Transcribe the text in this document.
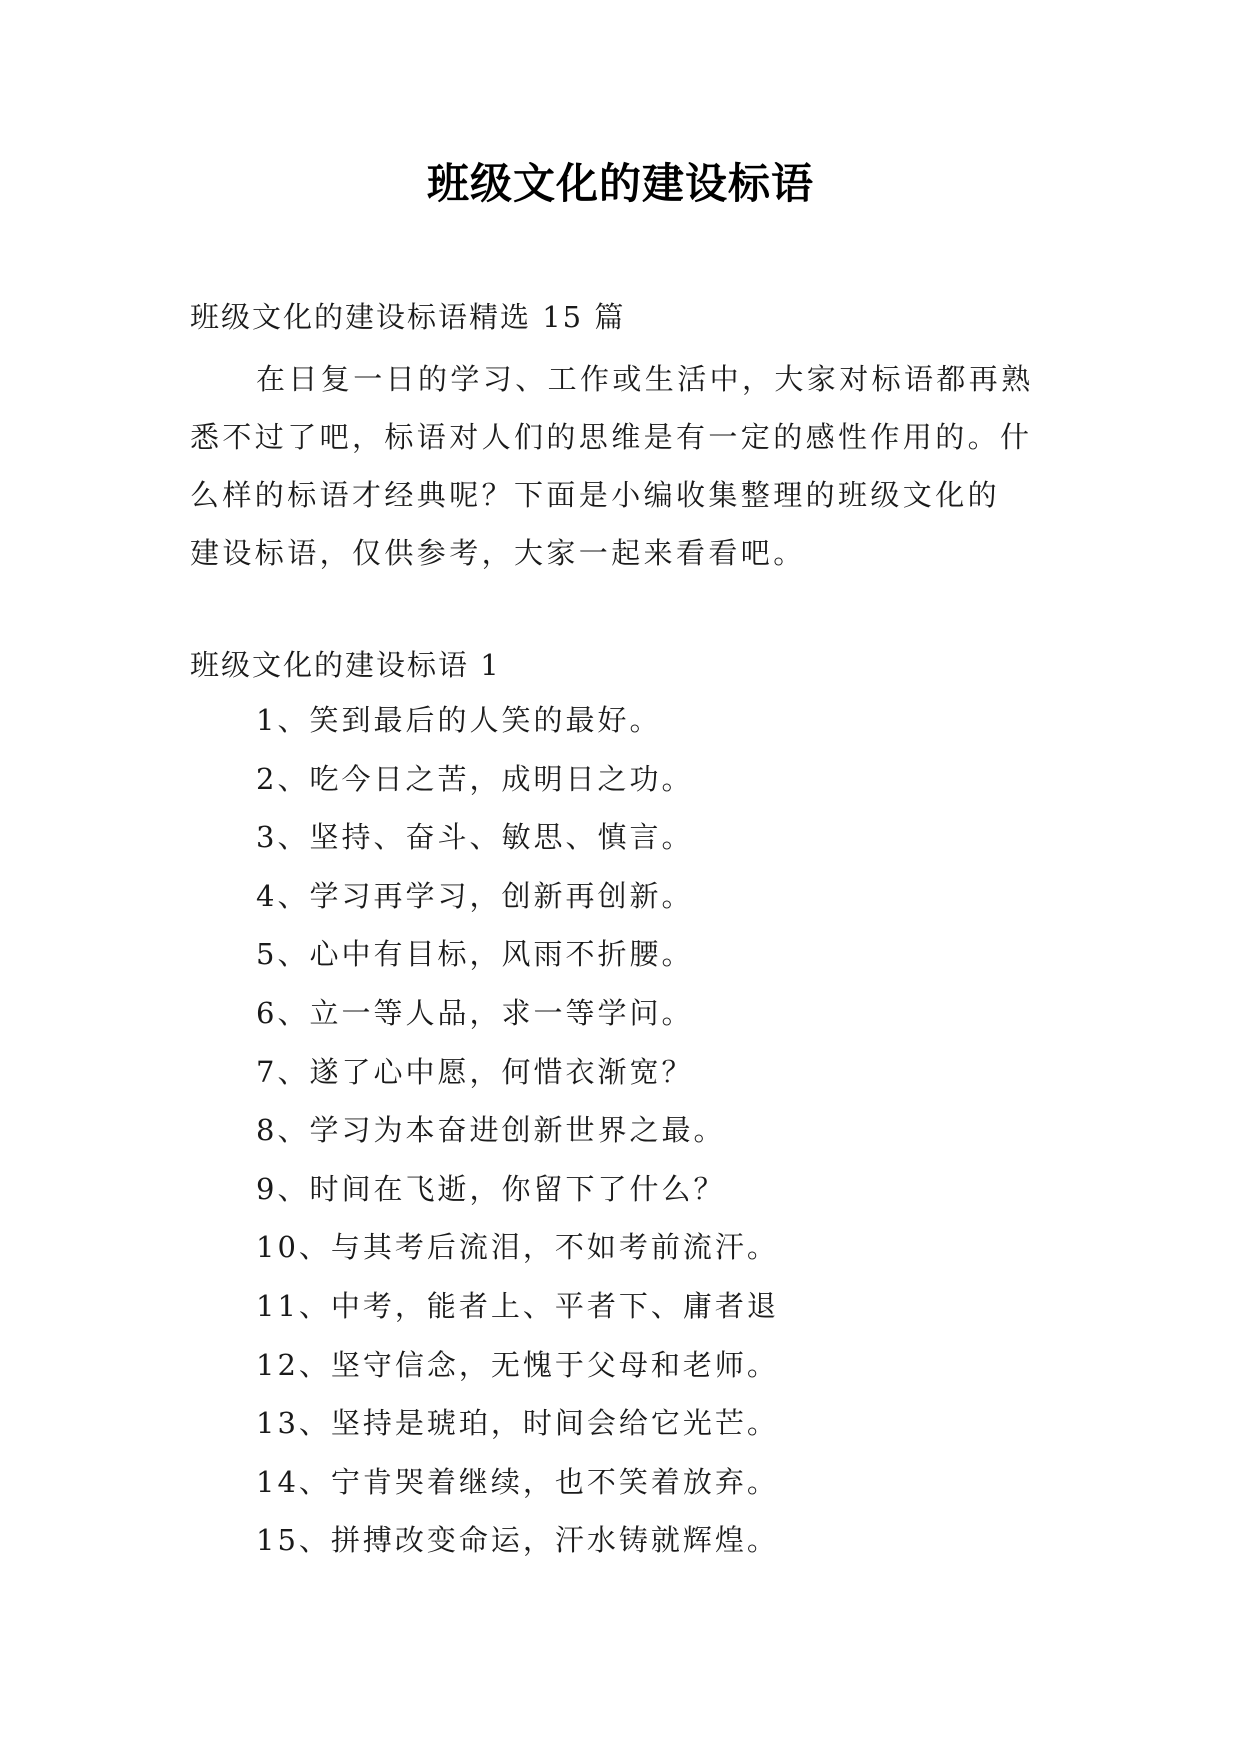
班级文化的建设标语
班级文化的建设标语精选 15 篇
在日复一日的学习、工作或生活中，大家对标语都再熟
悉不过了吧，标语对人们的思维是有一定的感性作用的。什
么样的标语才经典呢？下面是小编收集整理的班级文化的
建设标语，仅供参考，大家一起来看看吧。
班级文化的建设标语 1
1、笑到最后的人笑的最好。
2、吃今日之苦，成明日之功。
3、坚持、奋斗、敏思、慎言。
4、学习再学习，创新再创新。
5、心中有目标，风雨不折腰。
6、立一等人品，求一等学问。
7、遂了心中愿，何惜衣渐宽？
8、学习为本奋进创新世界之最。
9、时间在飞逝，你留下了什么？
10、与其考后流泪，不如考前流汗。
11、中考，能者上、平者下、庸者退
12、坚守信念，无愧于父母和老师。
13、坚持是琥珀，时间会给它光芒。
14、宁肯哭着继续，也不笑着放弃。
15、拼搏改变命运，汗水铸就辉煌。
